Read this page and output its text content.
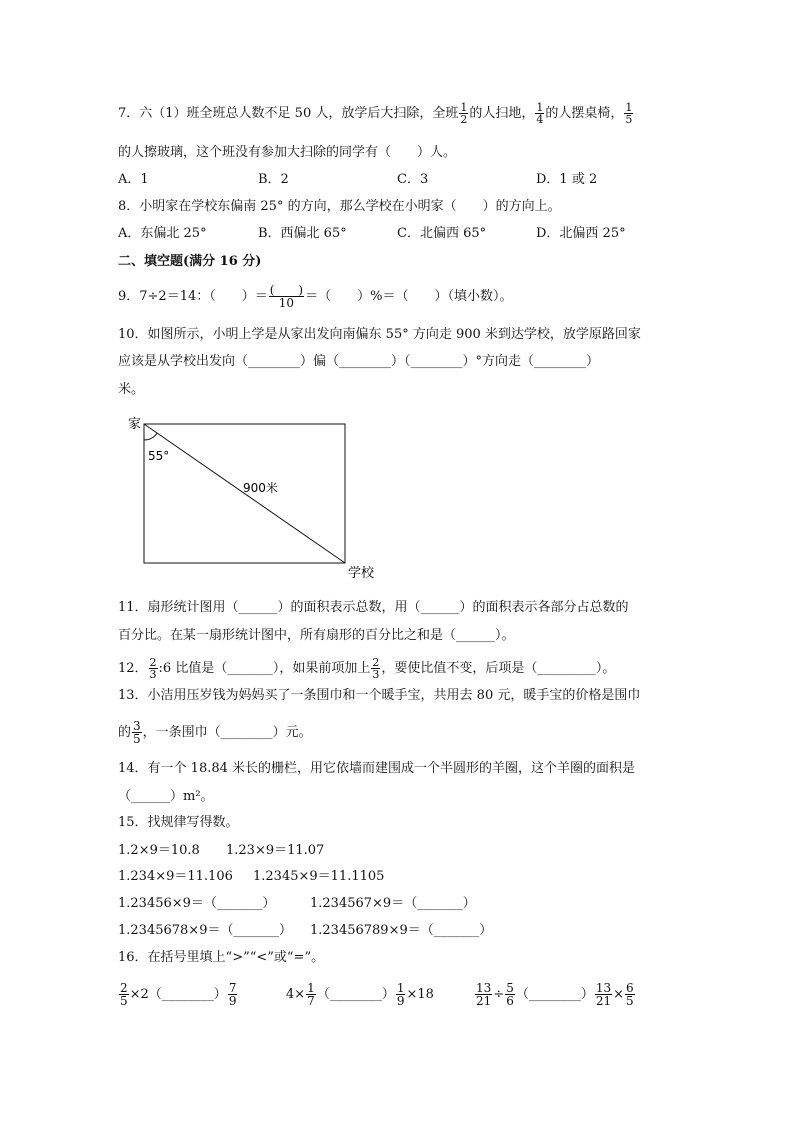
7．六（1）班全班总人数不足 50 人，放学后大扫除，全班 $\frac{1}{2}$ 的人扫地， $\frac{1}{4}$ 的人摆桌椅， $\frac{1}{5}$
的人擦玻璃，这个班没有参加大扫除的同学有（　　）人。
A．1	B．2	C．3	D．1 或 2
8．小明家在学校东偏南 25° 的方向，那么学校在小明家（　　）的方向上。
A．东偏北 25°	B．西偏北 65°	C．北偏西 65°	D．北偏西 25°
二、填空题(满分 16 分)
9．7÷2＝14：（　　）＝ $\frac{( )}{10}$ ＝（　　）%＝（　　）（填小数）。
10．如图所示，小明上学是从家出发向南偏东 55° 方向走 900 米到达学校，放学原路回家
应该是从学校出发向（________）偏（________）（________）°方向走（________）
米。
家
55°
900米
学校
11．扇形统计图用（______）的面积表示总数，用（______）的面积表示各部分占总数的
百分比。在某一扇形统计图中，所有扇形的百分比之和是（______）。
12． $\frac{2}{3}$ :6 比值是（_______），如果前项加上 $\frac{2}{3}$ ，要使比值不变，后项是（_________）。
13．小洁用压岁钱为妈妈买了一条围巾和一个暖手宝，共用去 80 元，暖手宝的价格是围巾
的 $\frac{3}{5}$ ，一条围巾（________）元。
14．有一个 18.84 米长的栅栏，用它依墙而建围成一个半圆形的羊圈，这个羊圈的面积是
（______）m²。
15．找规律写得数。
1.2×9＝10.8 1.23×9＝11.07
1.234×9＝11.106 1.2345×9＝11.1105
1.23456×9＝（_______）	1.234567×9＝（_______）
1.2345678×9＝（_______） 1.23456789×9＝（_______）
16．在括号里填上“>”“<”或“=”。
$\frac{2}{5}$ ×2（________） $\frac{7}{9}$	$4\times \frac{1}{7}$ （________） $\frac{1}{9} \times 18$	$\frac{13}{21} \div \frac{5}{6}$ （________） $\frac{13}{21} \times \frac{6}{5}$
